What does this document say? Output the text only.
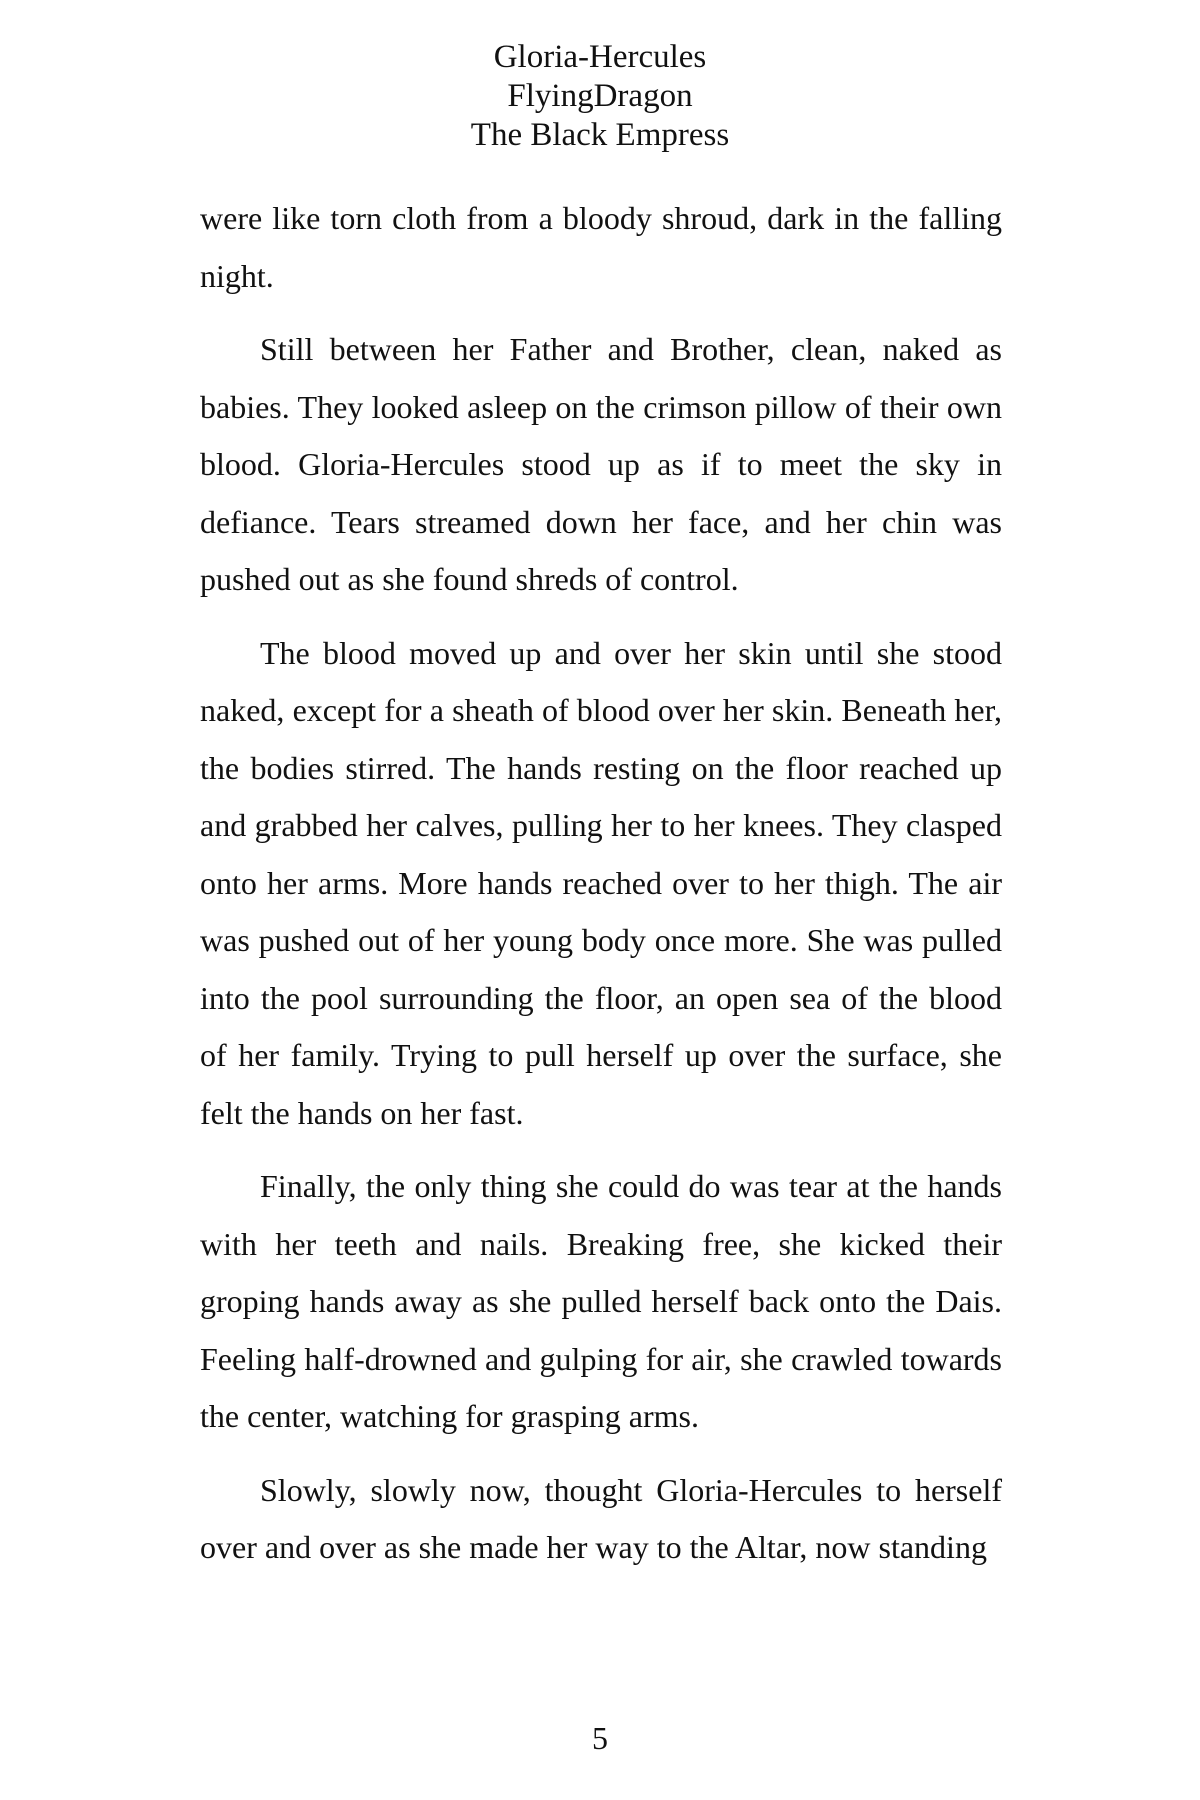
Gloria-Hercules
FlyingDragon
The Black Empress

were like torn cloth from a bloody shroud, dark in the falling night.

Still between her Father and Brother, clean, naked as babies. They looked asleep on the crimson pillow of their own blood. Gloria-Hercules stood up as if to meet the sky in defiance. Tears streamed down her face, and her chin was pushed out as she found shreds of control.

The blood moved up and over her skin until she stood naked, except for a sheath of blood over her skin. Beneath her, the bodies stirred. The hands resting on the floor reached up and grabbed her calves, pulling her to her knees. They clasped onto her arms. More hands reached over to her thigh. The air was pushed out of her young body once more. She was pulled into the pool surrounding the floor, an open sea of the blood of her family. Trying to pull herself up over the surface, she felt the hands on her fast.

Finally, the only thing she could do was tear at the hands with her teeth and nails. Breaking free, she kicked their groping hands away as she pulled herself back onto the Dais. Feeling half-drowned and gulping for air, she crawled towards the center, watching for grasping arms.

Slowly, slowly now, thought Gloria-Hercules to herself over and over as she made her way to the Altar, now standing

5
